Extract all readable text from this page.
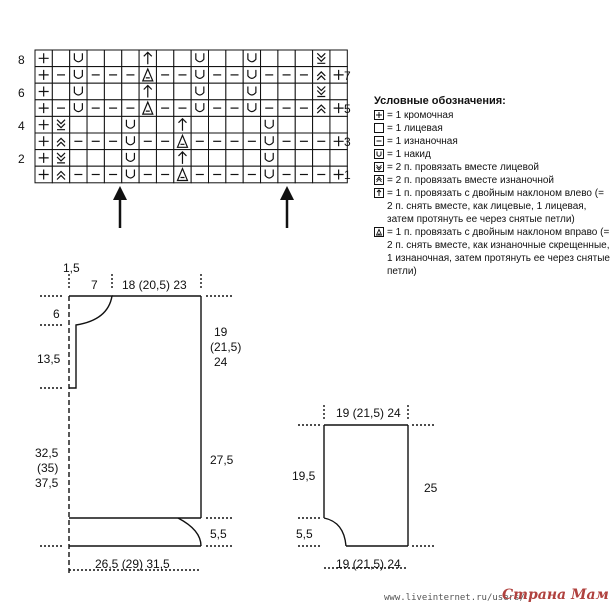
8
6
4
2
7
5
3
1
1,5
7 18 (20,5) 23
6
13,5
19
(21,5)
24
32,5
(35)
37,5
27,5
5,5
26,5 (29) 31,5
19 (21,5) 24
19,5
25
5,5
19 (21,5) 24
Условные обозначения:
= 1 кромочная
= 1 лицевая
= 1 изнаночная
= 1 накид
= 2 п. провязать вместе лицевой
= 2 п. провязать вместе изнаночной
= 1 п. провязать с двойным наклоном влево (= 2 п. снять вместе, как лицевые, 1 лицевая, затем протянуть ее через снятые петли)
= 1 п. провязать с двойным наклоном вправо (= 2 п. снять вместе, как изнаночные скрещенные, 1 изнаночная, затем протянуть ее через снятые петли)
www.liveinternet.ru/users/
Страна Мам
